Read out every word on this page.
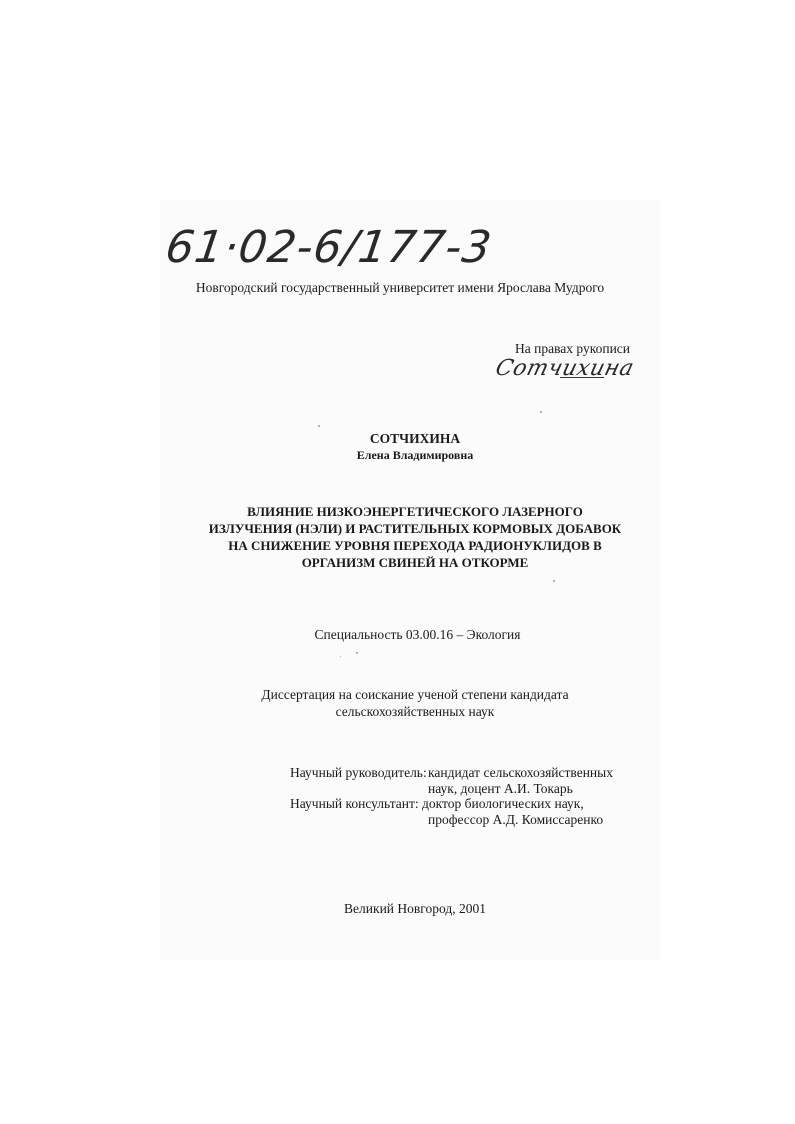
61·02-6/177-3
Новгородский государственный университет имени Ярослава Мудрого
На правах рукописи
Сотчихина
СОТЧИХИНА
Елена Владимировна
ВЛИЯНИЕ НИЗКОЭНЕРГЕТИЧЕСКОГО ЛАЗЕРНОГО
ИЗЛУЧЕНИЯ (НЭЛИ) И РАСТИТЕЛЬНЫХ КОРМОВЫХ ДОБАВОК
НА СНИЖЕНИЕ УРОВНЯ ПЕРЕХОДА РАДИОНУКЛИДОВ В
ОРГАНИЗМ СВИНЕЙ НА ОТКОРМЕ
Специальность 03.00.16 – Экология
Диссертация на соискание ученой степени кандидата
сельскохозяйственных наук
Научный руководитель: кандидат сельскохозяйственных
наук, доцент А.И. Токарь
Научный консультант: доктор биологических наук,
профессор А.Д. Комиссаренко
Великий Новгород, 2001
